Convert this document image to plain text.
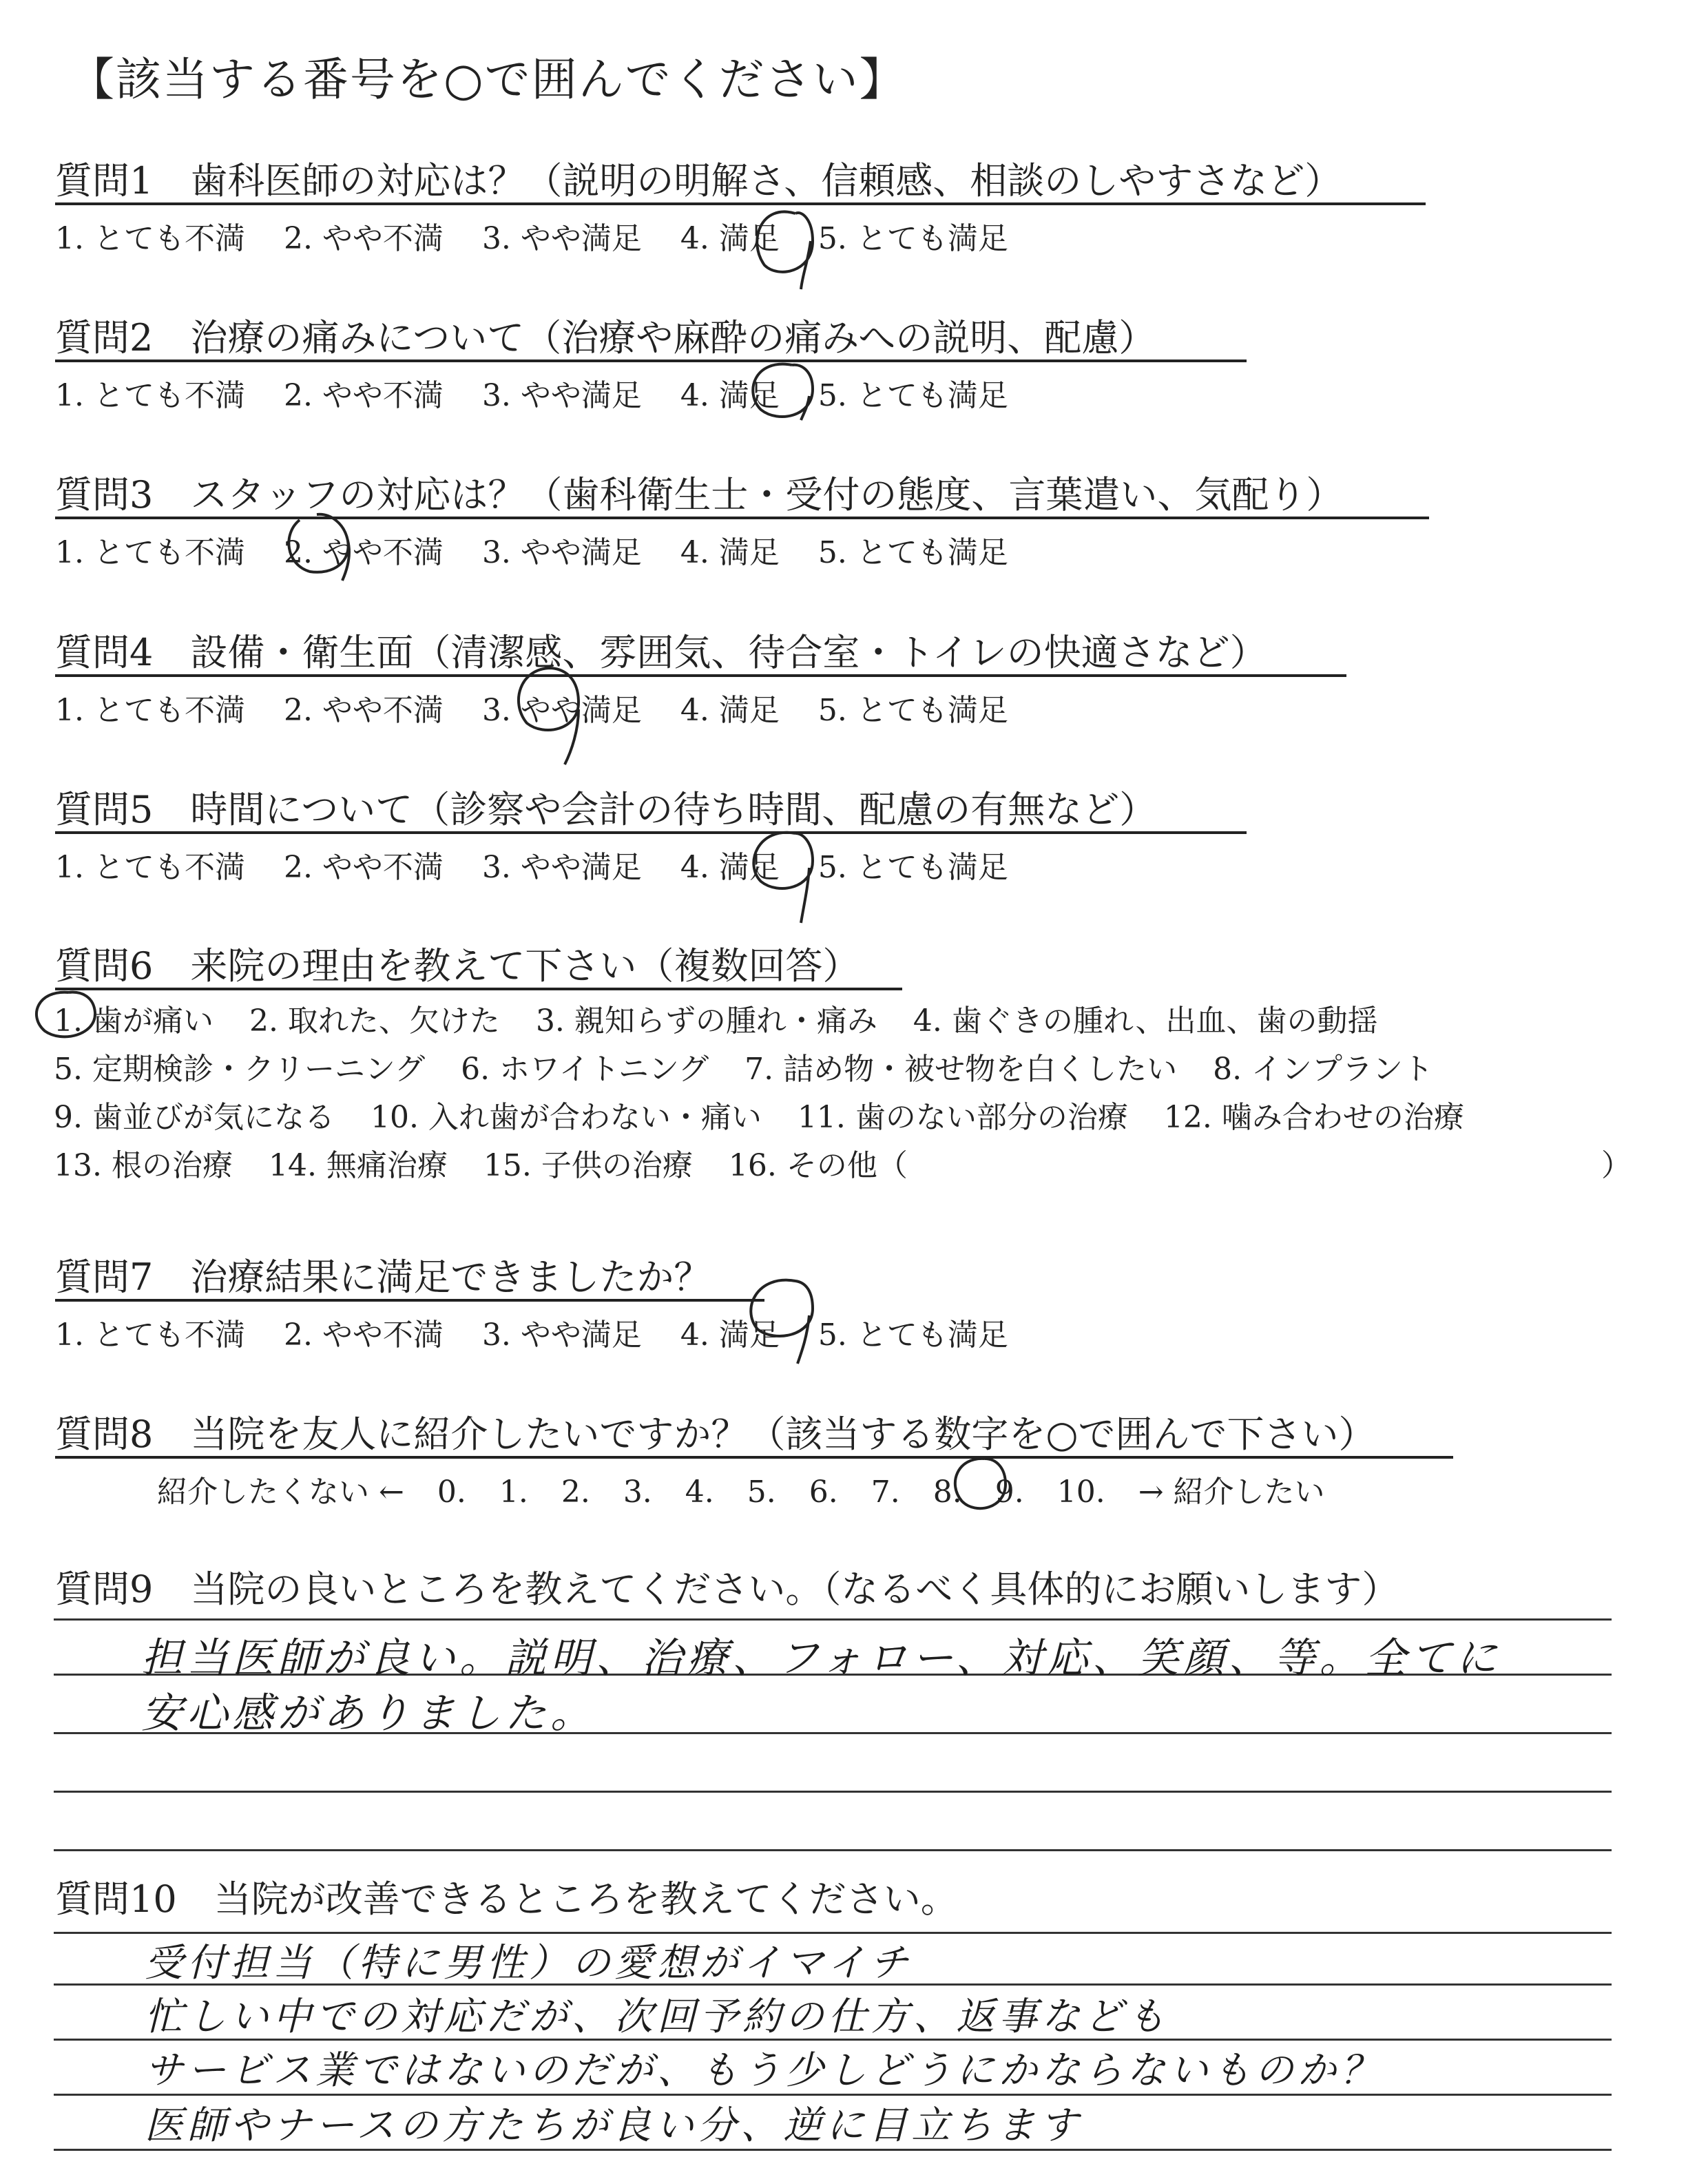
【該当する番号を○で囲んでください】
質問1　歯科医師の対応は？（説明の明解さ、信頼感、相談のしやすさなど）
1. とても不満 2. やや不満 3. やや満足 4. 満足 5. とても満足
質問2　治療の痛みについて（治療や麻酔の痛みへの説明、配慮）
1. とても不満 2. やや不満 3. やや満足 4. 満足 5. とても満足
質問3　スタッフの対応は？（歯科衛生士・受付の態度、言葉遣い、気配り）
1. とても不満 2. やや不満 3. やや満足 4. 満足 5. とても満足
質問4　設備・衛生面（清潔感、雰囲気、待合室・トイレの快適さなど）
1. とても不満 2. やや不満 3. やや満足 4. 満足 5. とても満足
質問5　時間について（診察や会計の待ち時間、配慮の有無など）
1. とても不満 2. やや不満 3. やや満足 4. 満足 5. とても満足
質問6　来院の理由を教えて下さい（複数回答）
1. 歯が痛い 2. 取れた、欠けた 3. 親知らずの腫れ・痛み 4. 歯ぐきの腫れ、出血、歯の動揺
5. 定期検診・クリーニング 6. ホワイトニング 7. 詰め物・被せ物を白くしたい 8. インプラント
9. 歯並びが気になる 10. 入れ歯が合わない・痛い 11. 歯のない部分の治療 12. 噛み合わせの治療
13. 根の治療 14. 無痛治療 15. 子供の治療 16. その他（	）
質問7　治療結果に満足できましたか？
1. とても不満 2. やや不満 3. やや満足 4. 満足 5. とても満足
質問8　当院を友人に紹介したいですか？（該当する数字を○で囲んで下さい）
紹介したくない ← 0. 1. 2. 3. 4. 5. 6. 7. 8. 9. 10. → 紹介したい
質問9　当院の良いところを教えてください。（なるべく具体的にお願いします）
担当医師が良い。説明、治療、フォロー、対応、笑顔、等。全てに
安心感がありました。
質問10　当院が改善できるところを教えてください。
受付担当（特に男性）の愛想がイマイチ
忙しい中での対応だが、次回予約の仕方、返事なども
サービス業ではないのだが、もう少しどうにかならないものか？
医師やナースの方たちが良い分、逆に目立ちます
